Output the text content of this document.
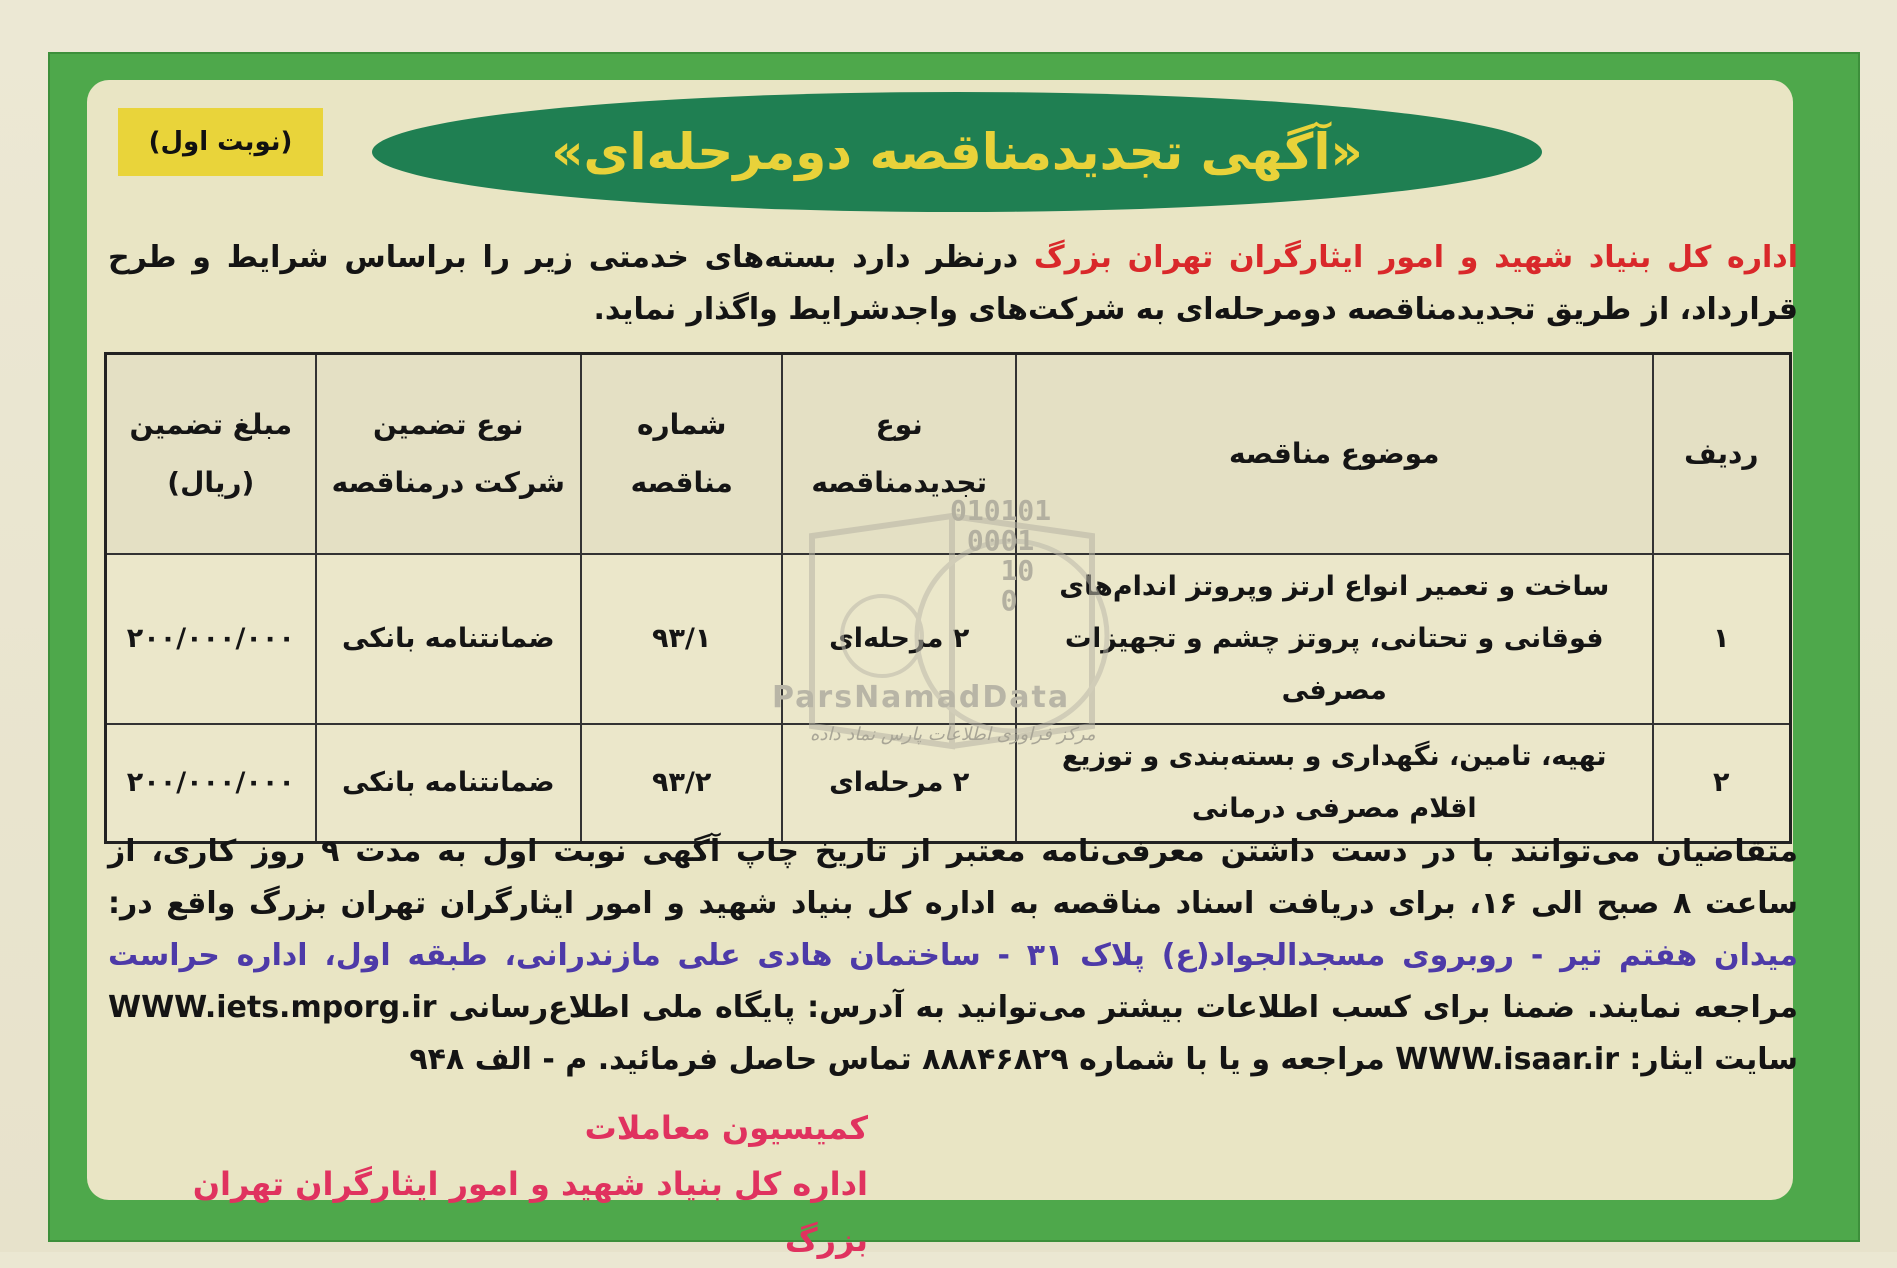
(نوبت اول)	«آگهی تجدیدمناقصه دومرحله‌ای»
اداره کل بنیاد شهید و امور ایثارگران تهران بزرگ درنظر دارد بسته‌های خدمتی زیر را براساس شرایط و طرح قرارداد، از طریق تجدیدمناقصه دومرحله‌ای به شرکت‌های واجدشرایط واگذار نماید.
ردیف	موضوع مناقصه	نوع تجدیدمناقصه	شماره مناقصه	نوع تضمین شرکت درمناقصه	مبلغ تضمین (ریال)
۱	ساخت و تعمیر انواع ارتز وپروتز اندام‌های فوقانی و تحتانی، پروتز چشم و تجهیزات مصرفی	۲ مرحله‌ای	۹۳/۱	ضمانتنامه بانکی	۲۰۰/۰۰۰/۰۰۰
۲	تهیه، تامین، نگهداری و بسته‌بندی و توزیع اقلام مصرفی درمانی	۲ مرحله‌ای	۹۳/۲	ضمانتنامه بانکی	۲۰۰/۰۰۰/۰۰۰
010101
0001
10
0
ParsNamadData
مرکز فراوری اطلاعات پارس نماد داده
متقاضیان می‌توانند با در دست داشتن معرفی‌نامه معتبر از تاریخ چاپ آگهی نوبت اول به مدت ۹ روز کاری، از ساعت ۸ صبح الی ۱۶، برای دریافت اسناد مناقصه به اداره کل بنیاد شهید و امور ایثارگران تهران بزرگ واقع در: میدان هفتم تیر - روبروی مسجدالجواد(ع) پلاک ۳۱ - ساختمان هادی علی مازندرانی، طبقه اول، اداره حراست مراجعه نمایند. ضمنا برای کسب اطلاعات بیشتر می‌توانید به آدرس: پایگاه ملی اطلاع‌رسانی WWW.iets.mporg.ir سایت ایثار: WWW.isaar.ir مراجعه و یا با شماره ۸۸۸۴۶۸۲۹ تماس حاصل فرمائید. م - الف ۹۴۸
کمیسیون معاملات
اداره کل بنیاد شهید و امور ایثارگران تهران بزرگ
